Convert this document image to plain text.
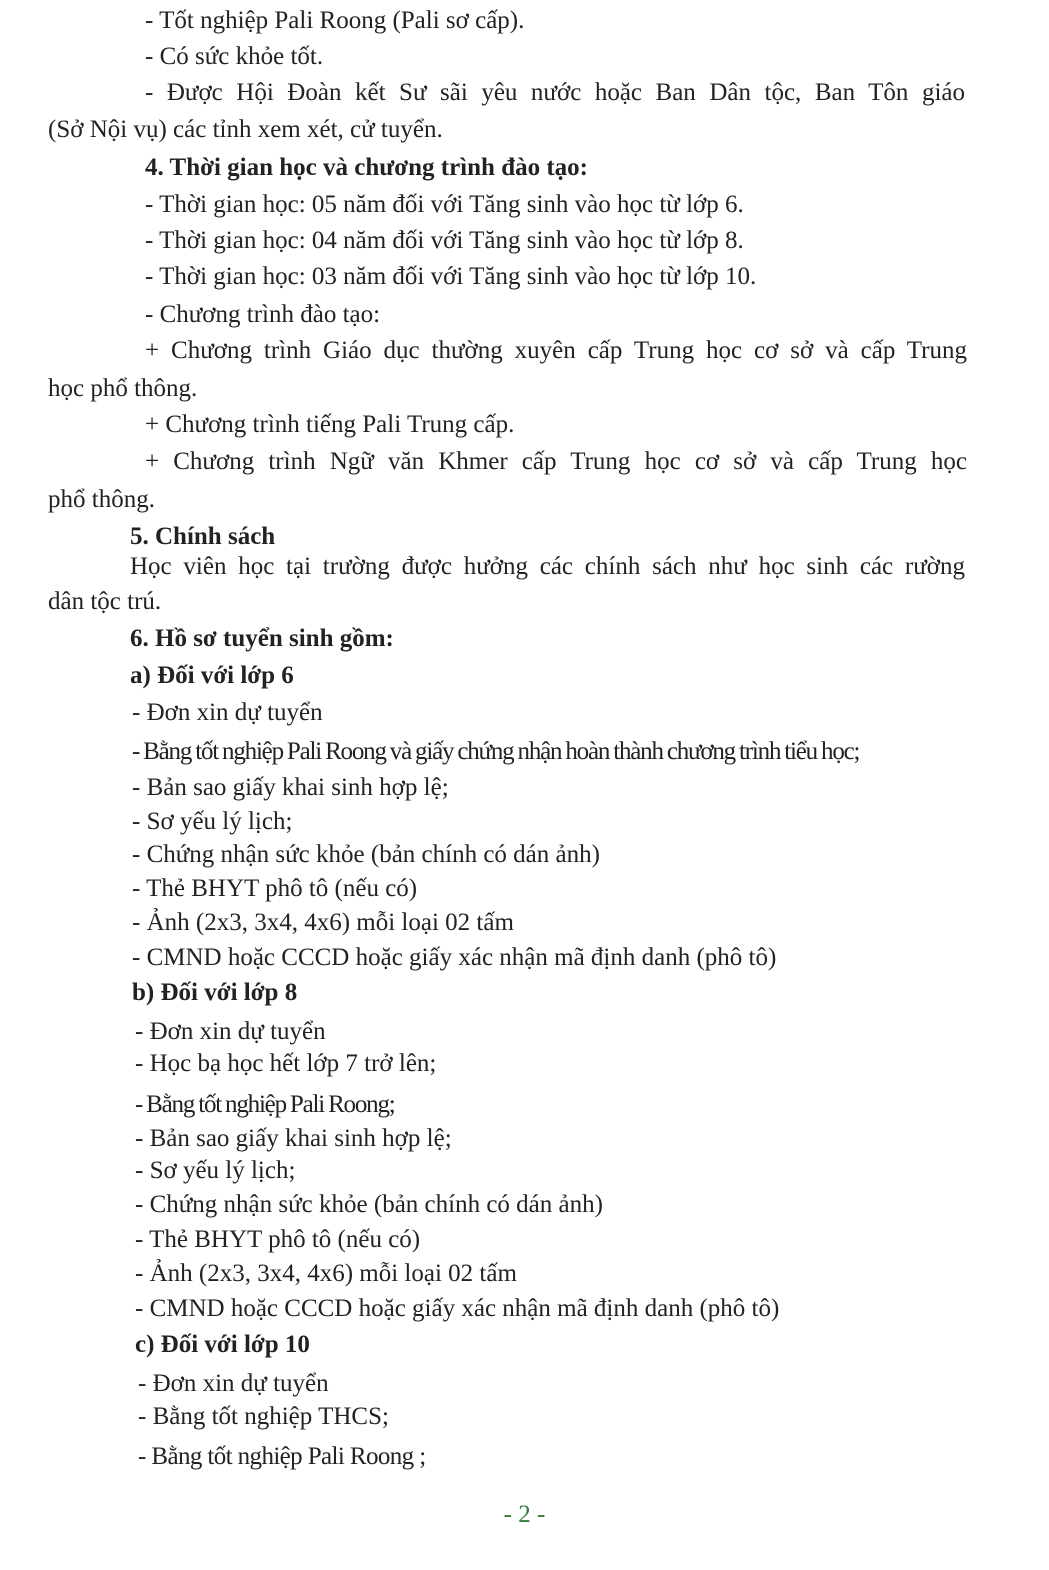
- Tốt nghiệp Pali Roong (Pali sơ cấp).
- Có sức khỏe tốt.
- Được Hội Đoàn kết Sư sãi yêu nước hoặc Ban Dân tộc, Ban Tôn giáo
(Sở Nội vụ) các tỉnh xem xét, cử tuyển.
4. Thời gian học và chương trình đào tạo:
- Thời gian học: 05 năm đối với Tăng sinh vào học từ lớp 6.
- Thời gian học: 04 năm đối với Tăng sinh vào học từ lớp 8.
- Thời gian học: 03 năm đối với Tăng sinh vào học từ lớp 10.
- Chương trình đào tạo:
+ Chương trình Giáo dục thường xuyên cấp Trung học cơ sở và cấp Trung
học phổ thông.
+ Chương trình tiếng Pali Trung cấp.
+ Chương trình Ngữ văn Khmer cấp Trung học cơ sở và cấp Trung học
phổ thông.
5. Chính sách
Học viên học tại trường được hưởng các chính sách như học sinh các rường
dân tộc trú.
6. Hồ sơ tuyển sinh gồm:
a) Đối với lớp 6
- Đơn xin dự tuyển
- Bằng tốt nghiệp Pali Roong và giấy chứng nhận hoàn thành chương trình tiểu học;
- Bản sao giấy khai sinh hợp lệ;
- Sơ yếu lý lịch;
- Chứng nhận sức khỏe (bản chính có dán ảnh)
- Thẻ BHYT phô tô (nếu có)
- Ảnh (2x3, 3x4, 4x6) mỗi loại 02 tấm
- CMND hoặc CCCD hoặc giấy xác nhận mã định danh (phô tô)
b) Đối với lớp 8
- Đơn xin dự tuyển
- Học bạ học hết lớp 7 trở lên;
- Bằng tốt nghiệp Pali Roong;
- Bản sao giấy khai sinh hợp lệ;
- Sơ yếu lý lịch;
- Chứng nhận sức khỏe (bản chính có dán ảnh)
- Thẻ BHYT phô tô (nếu có)
- Ảnh (2x3, 3x4, 4x6) mỗi loại 02 tấm
- CMND hoặc CCCD hoặc giấy xác nhận mã định danh (phô tô)
c) Đối với lớp 10
- Đơn xin dự tuyển
- Bằng tốt nghiệp THCS;
- Bằng tốt nghiệp Pali Roong ;
- 2 -
